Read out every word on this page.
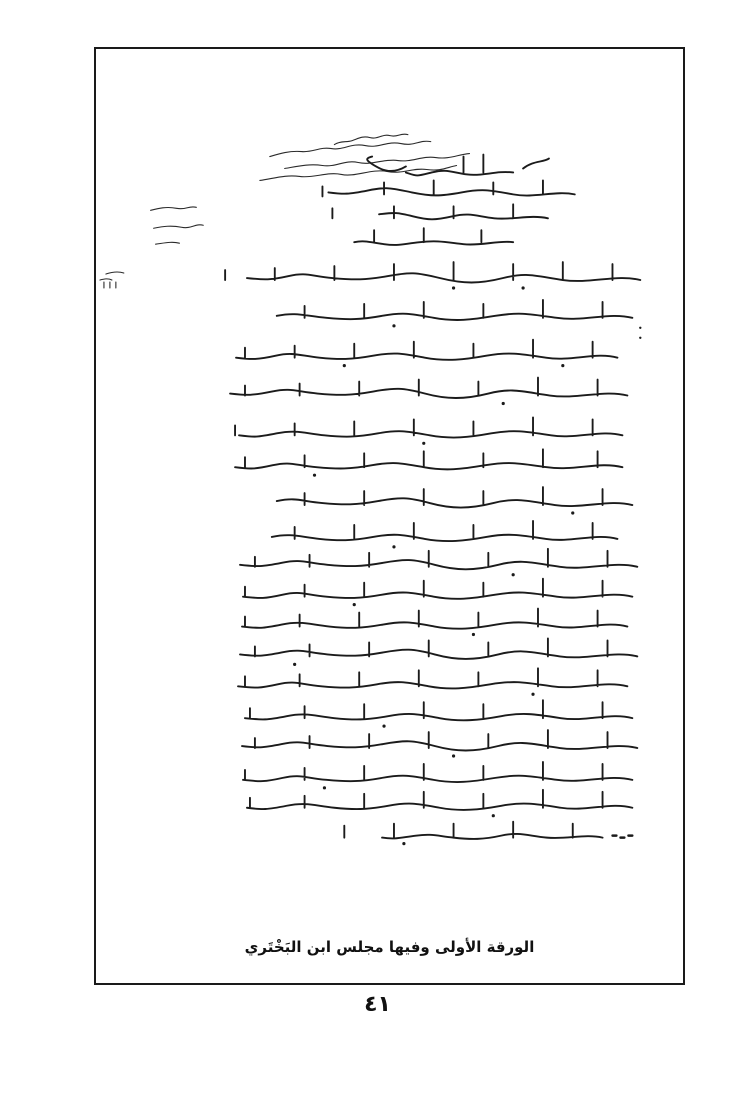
الورقة الأولى وفيها مجلس ابن البَخْتَري
٤١
